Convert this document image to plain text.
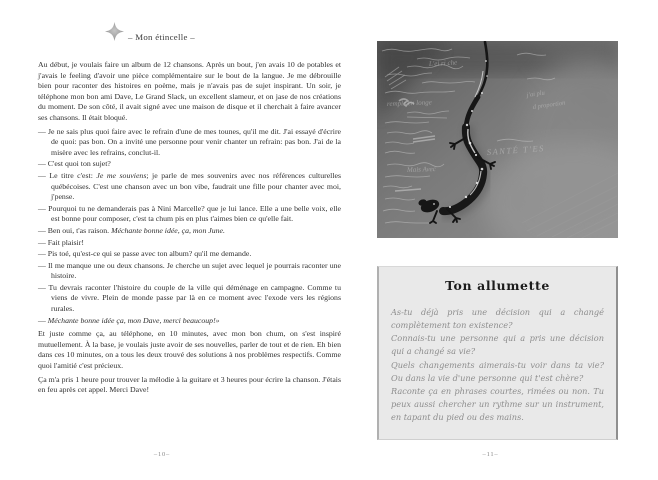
– Mon étincelle –

Au début, je voulais faire un album de 12 chansons. Après un bout, j'en avais 10 de potables et j'avais le feeling d'avoir une pièce complémentaire sur le bout de la langue. Je me débrouille bien pour raconter des histoires en poème, mais je n'avais pas de sujet inspirant. Un soir, je téléphone mon bon ami Dave, Le Grand Slack, un excellent slameur, et on jase de nos créations du moment. De son côté, il avait signé avec une maison de disque et il cherchait à faire avancer ses chansons. Il était bloqué.

— Je ne sais plus quoi faire avec le refrain d'une de mes tounes, qu'il me dit. J'ai essayé d'écrire de quoi: pas bon. On a invité une personne pour venir chanter un refrain: pas bon. J'ai de la misère avec les refrains, conclut-il.

— C'est quoi ton sujet?

— Le titre c'est: Je me souviens; je parle de mes souvenirs avec nos références culturelles québécoises. C'est une chanson avec un bon vibe, faudrait une fille pour chanter avec moi, j'pense.

— Pourquoi tu ne demanderais pas à Nini Marcelle? que je lui lance. Elle a une belle voix, elle est bonne pour composer, c'est ta chum pis en plus t'aimes bien ce qu'elle fait.

— Ben oui, t'as raison. Méchante bonne idée, ça, mon June.

— Fait plaisir!

— Pis toé, qu'est-ce qui se passe avec ton album? qu'il me demande.

— Il me manque une ou deux chansons. Je cherche un sujet avec lequel je pourrais raconter une histoire.

— Tu devrais raconter l'histoire du couple de la ville qui déménage en campagne. Comme tu viens de vivre. Plein de monde passe par là en ce moment avec l'exode vers les régions rurales.

— Méchante bonne idée ça, mon Dave, merci beaucoup!»

Et juste comme ça, au téléphone, en 10 minutes, avec mon bon chum, on s'est inspiré mutuellement. À la base, je voulais juste avoir de ses nouvelles, parler de tout et de rien. Eh bien dans ces 10 minutes, on a tous les deux trouvé des solutions à nos problèmes respectifs. Comme quoi l'amitié c'est précieux.

Ça m'a pris 1 heure pour trouver la mélodie à la guitare et 3 heures pour écrire la chanson. J'étais en feu après cet appel. Merci Dave!

–10–
L'ei ri che
remple en longe
j'ai plu
d proportion
Mais Avec
SANTÉ T'ES
Ton allumette

As-tu déjà pris une décision qui a changé complètement ton existence?

Connais-tu une personne qui a pris une décision qui a changé sa vie?

Quels changements aimerais-tu voir dans ta vie? Ou dans la vie d'une personne qui t'est chère?

Raconte ça en phrases courtes, rimées ou non. Tu peux aussi chercher un rythme sur un instrument, en tapant du pied ou des mains.

–11–
